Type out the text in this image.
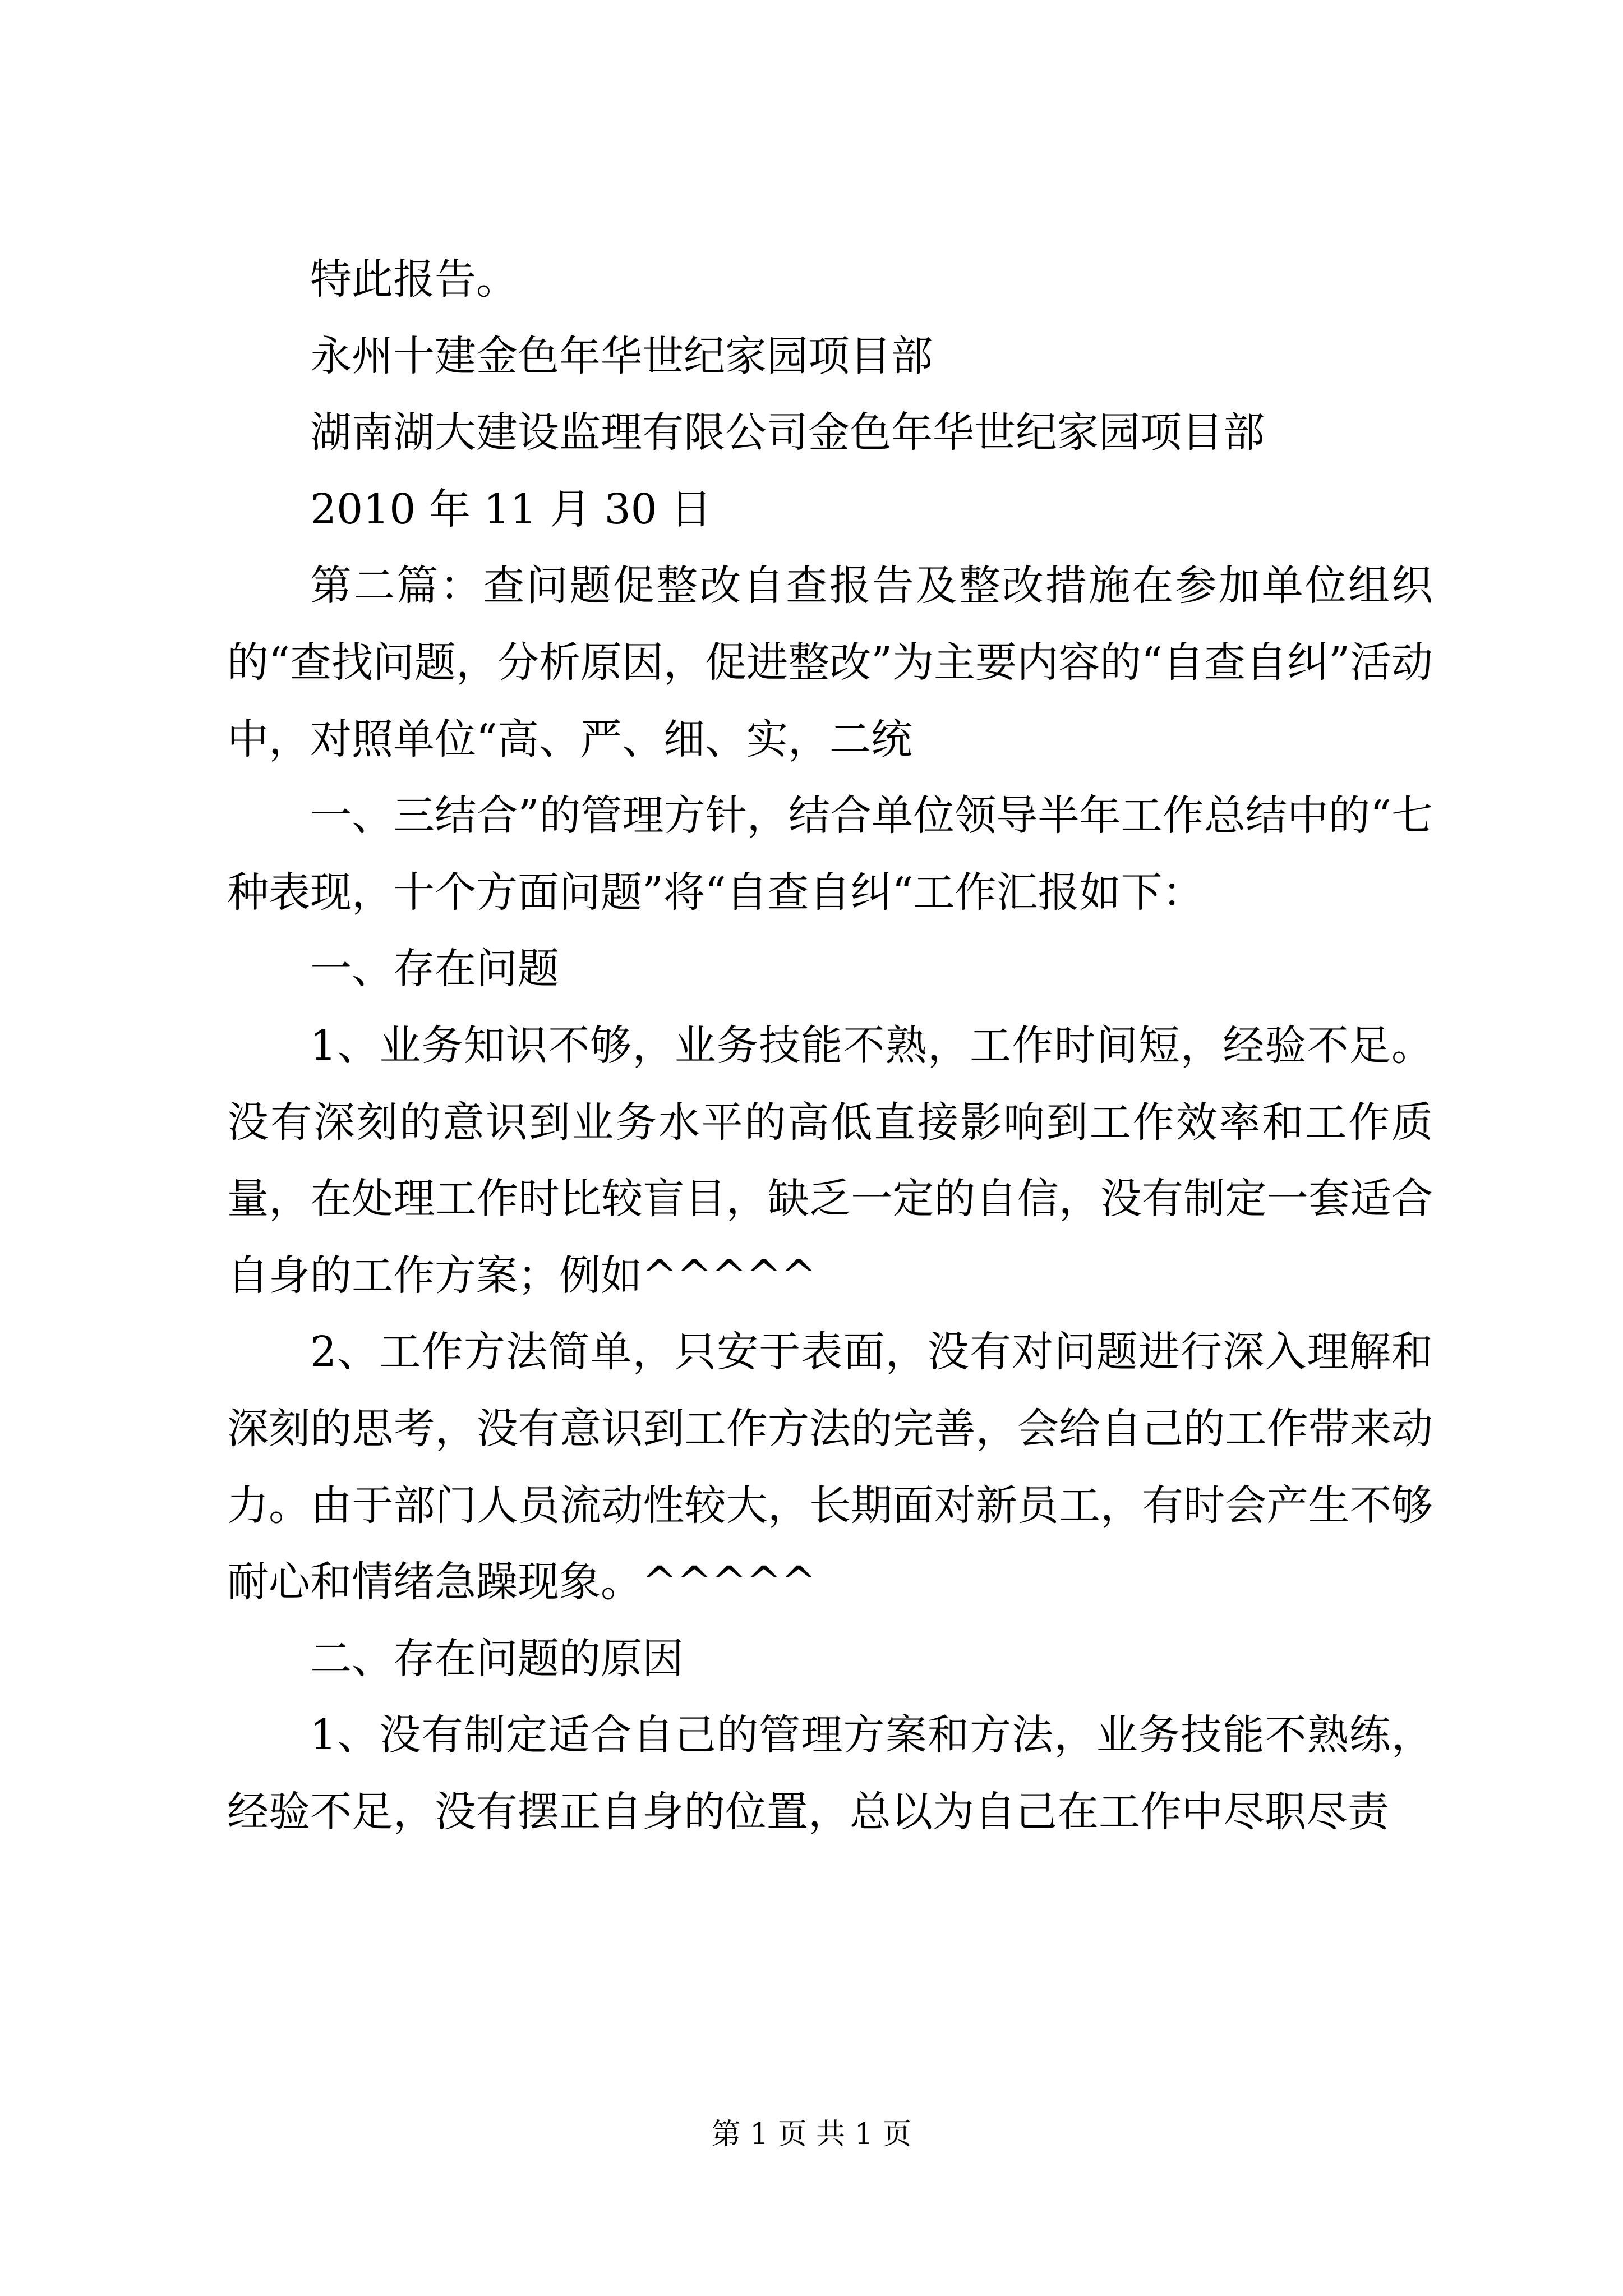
特此报告。

永州十建金色年华世纪家园项目部

湖南湖大建设监理有限公司金色年华世纪家园项目部

2010 年 11 月 30 日

第二篇：查问题促整改自查报告及整改措施在参加单位组织的“查找问题，分析原因，促进整改”为主要内容的“自查自纠”活动中，对照单位“高、严、细、实，二统

一、三结合”的管理方针，结合单位领导半年工作总结中的“七种表现，十个方面问题”将“自查自纠“工作汇报如下：

一、存在问题

1、业务知识不够，业务技能不熟，工作时间短，经验不足。没有深刻的意识到业务水平的高低直接影响到工作效率和工作质量，在处理工作时比较盲目，缺乏一定的自信，没有制定一套适合自身的工作方案；例如^^^^^

2、工作方法简单，只安于表面，没有对问题进行深入理解和深刻的思考，没有意识到工作方法的完善，会给自己的工作带来动力。由于部门人员流动性较大，长期面对新员工，有时会产生不够耐心和情绪急躁现象。^^^^^

二、存在问题的原因

1、没有制定适合自己的管理方案和方法，业务技能不熟练，经验不足，没有摆正自身的位置，总以为自己在工作中尽职尽责

第 1 页 共 1 页
